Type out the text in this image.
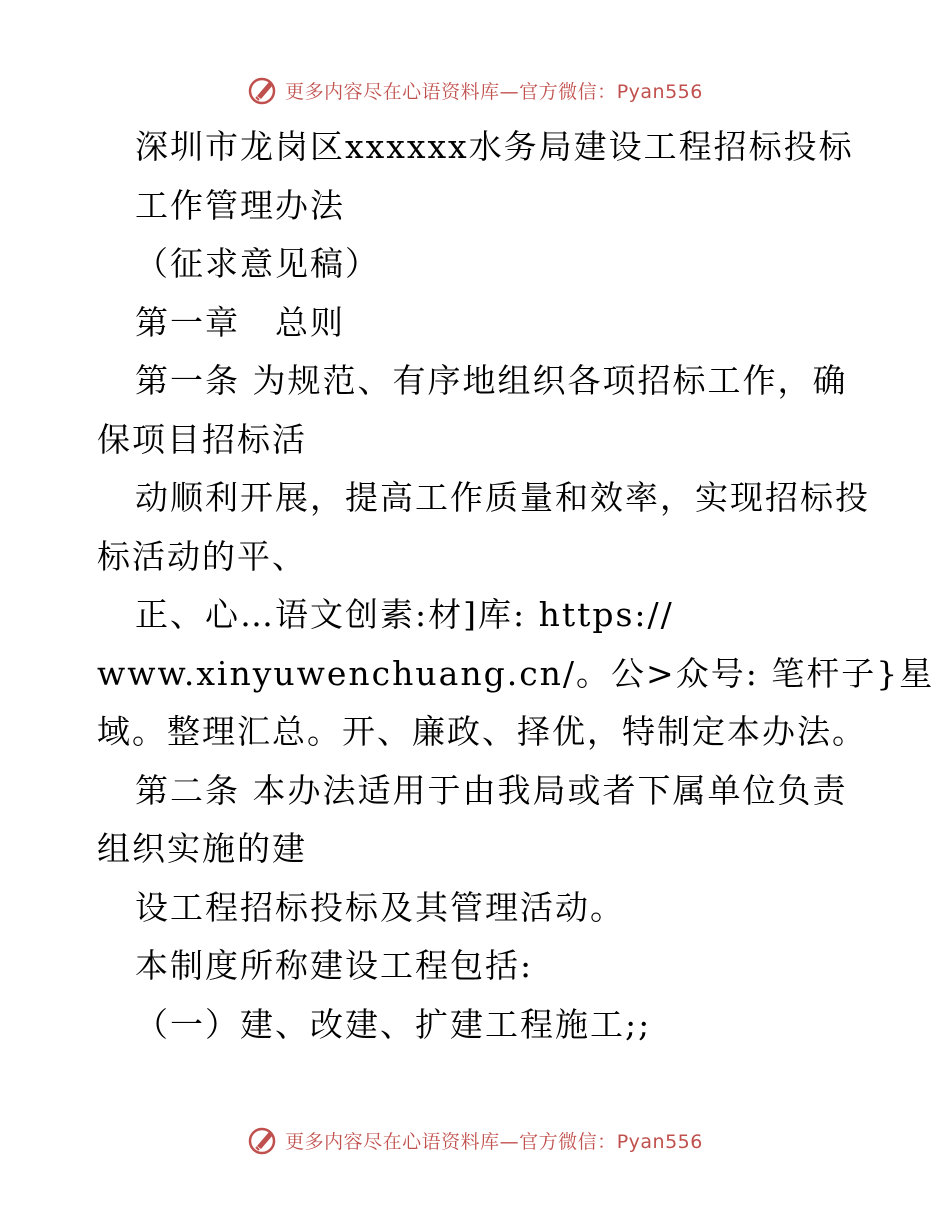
更多内容尽在心语资料库—官方微信：Pyan556
深圳市龙岗区xxxxxx水务局建设工程招标投标
工作管理办法
（征求意见稿）
第一章　总则
第一条 为规范、有序地组织各项招标工作，确
保项目招标活
动顺利开展，提高工作质量和效率，实现招标投
标活动的平、
正、心…语文创素:材]库: https://
www.xinyuwenchuang.cn/。公>众号: 笔杆子}星
域。整理汇总。开、廉政、择优，特制定本办法。
第二条 本办法适用于由我局或者下属单位负责
组织实施的建
设工程招标投标及其管理活动。
本制度所称建设工程包括:
（一）建、改建、扩建工程施工;;
更多内容尽在心语资料库—官方微信：Pyan556
